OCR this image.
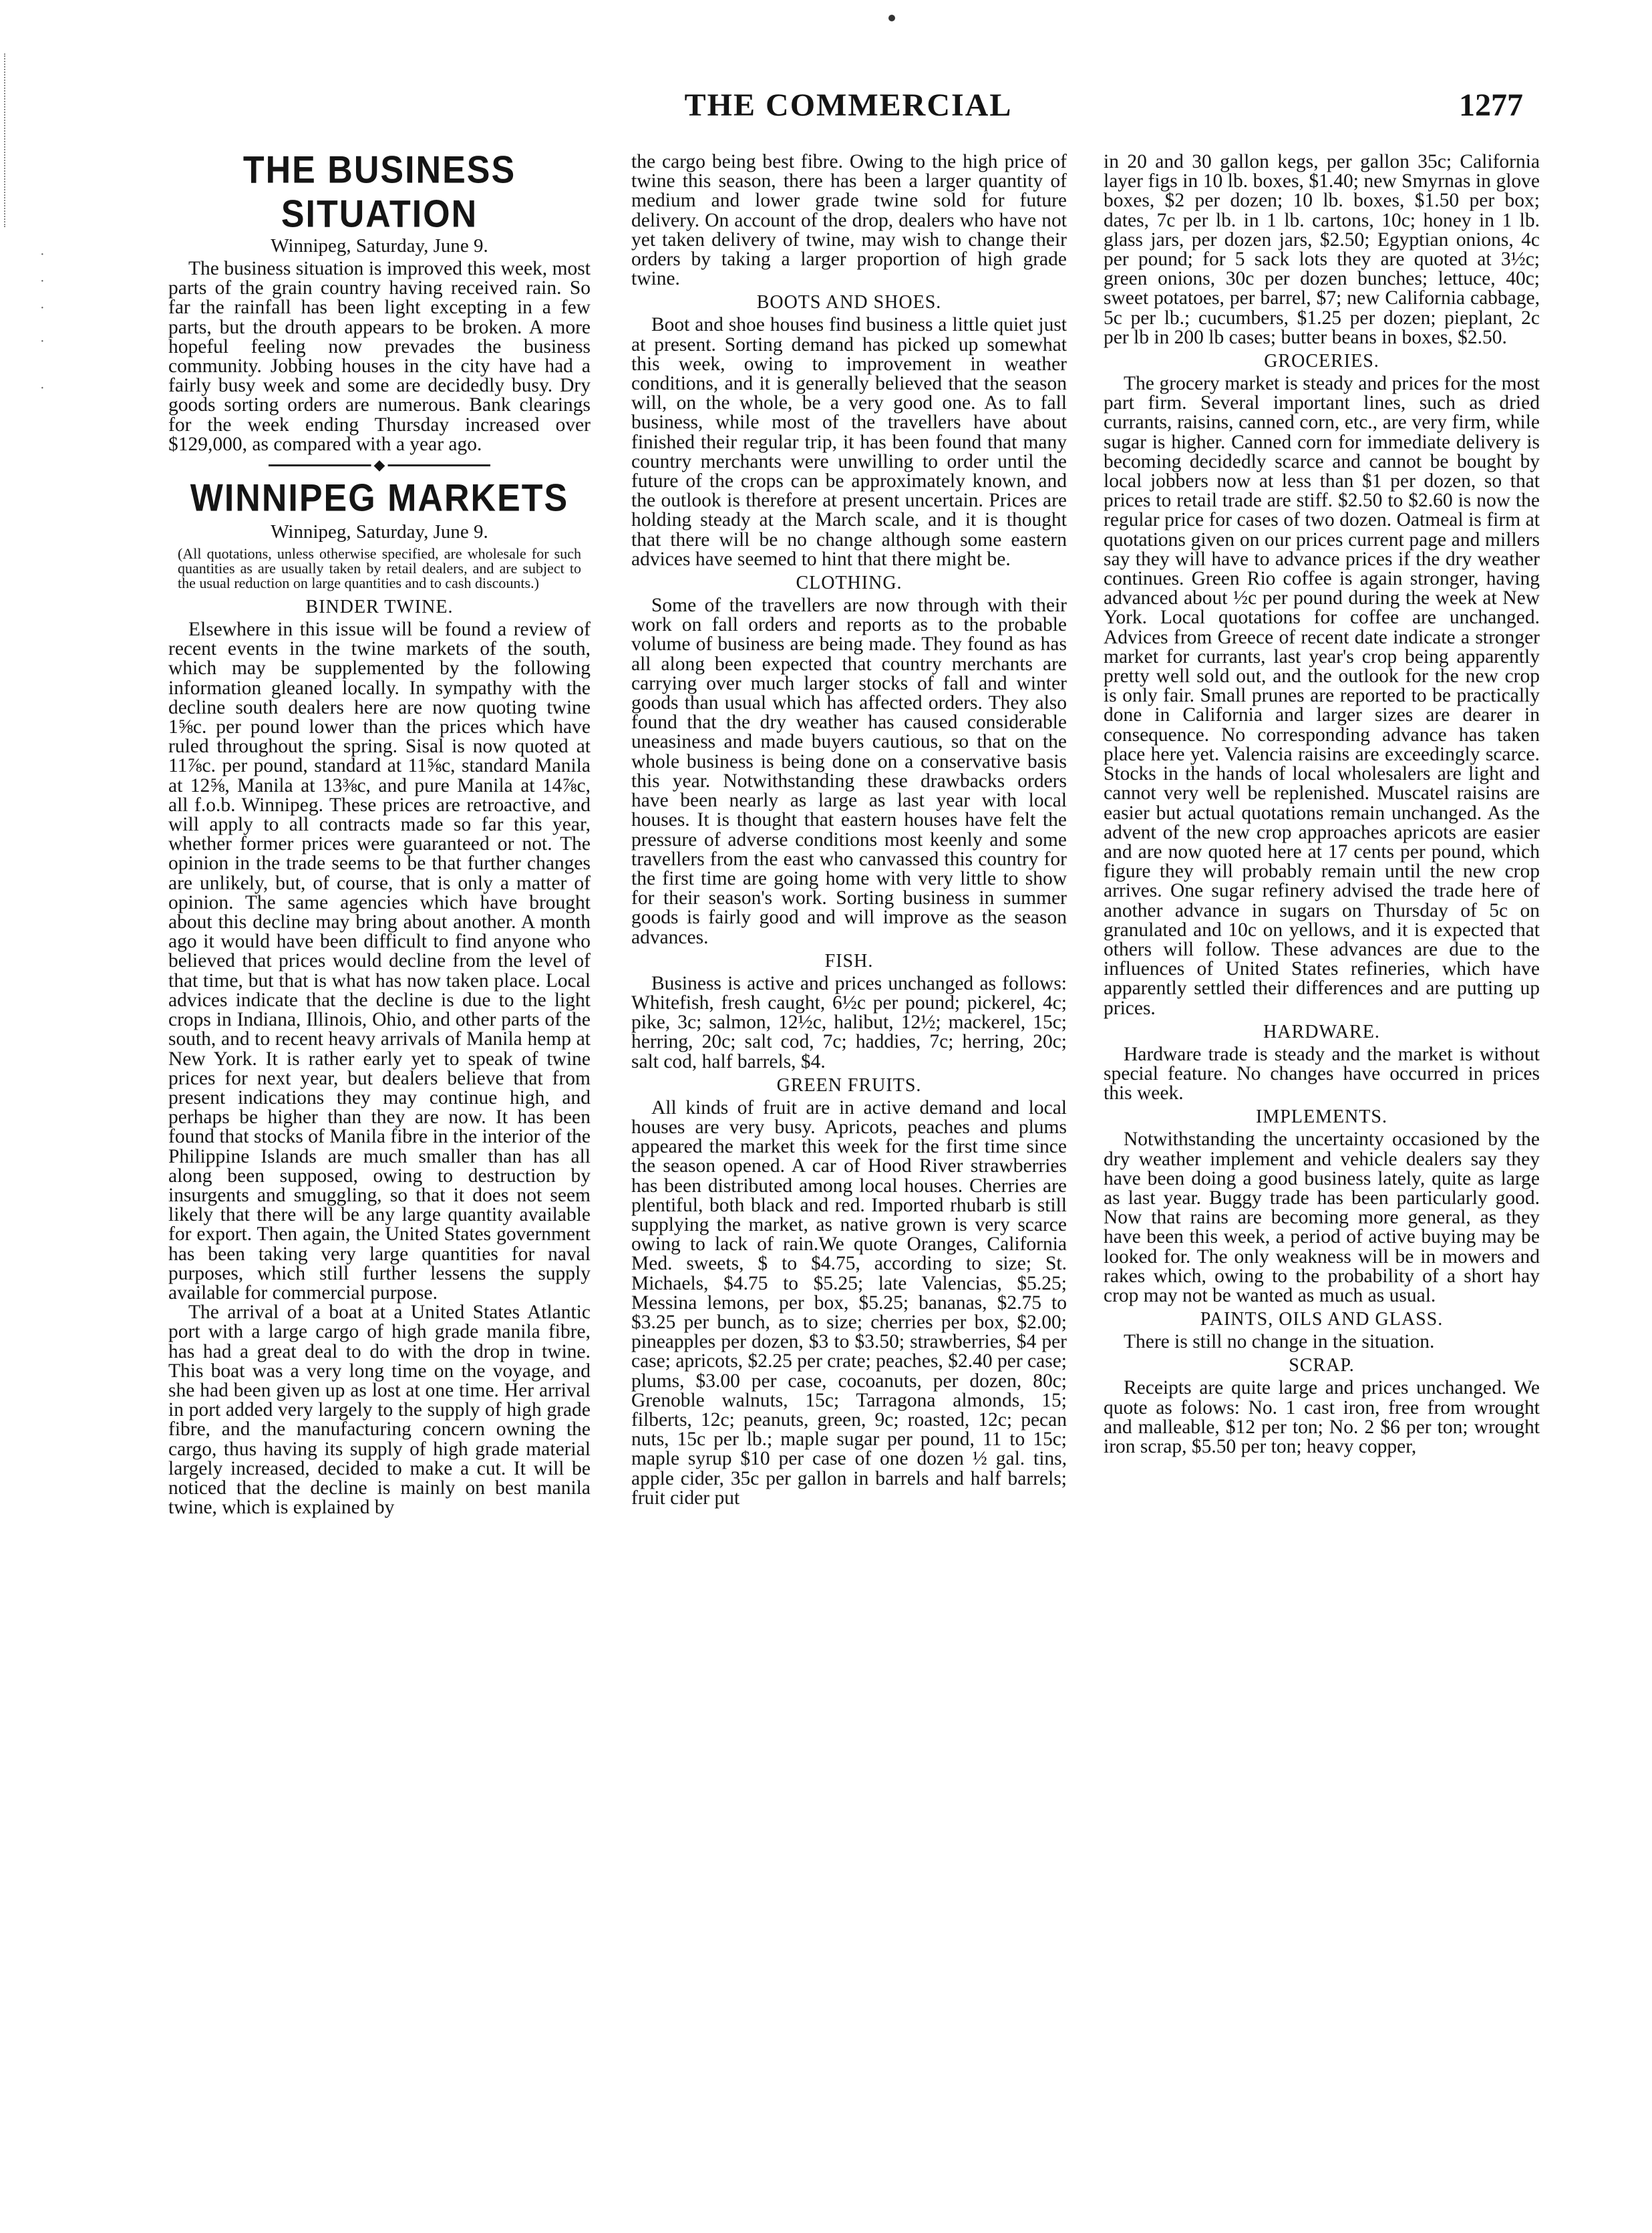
·
·
·
·
·
THE COMMERCIAL	1277
THE BUSINESS SITUATION
Winnipeg, Saturday, June 9.

The business situation is improved this week, most parts of the grain country having received rain. So far the rainfall has been light excepting in a few parts, but the drouth appears to be broken. A more hopeful feeling now prevades the business community. Jobbing houses in the city have had a fairly busy week and some are decidedly busy. Dry goods sorting orders are numerous. Bank clearings for the week ending Thursday increased over $129,000, as compared with a year ago.

◆
WINNIPEG MARKETS
Winnipeg, Saturday, June 9.
(All quotations, unless otherwise specified, are wholesale for such quantities as are usually taken by retail dealers, and are subject to the usual reduction on large quantities and to cash discounts.)
BINDER TWINE.

Elsewhere in this issue will be found a review of recent events in the twine markets of the south, which may be supplemented by the following information gleaned locally. In sympathy with the decline south dealers here are now quoting twine 1⅝c. per pound lower than the prices which have ruled throughout the spring. Sisal is now quoted at 11⅞c. per pound, standard at 11⅝c, standard Manila at 12⅝, Manila at 13⅜c, and pure Manila at 14⅞c, all f.o.b. Winnipeg. These prices are retroactive, and will apply to all contracts made so far this year, whether former prices were guaranteed or not. The opinion in the trade seems to be that further changes are unlikely, but, of course, that is only a matter of opinion. The same agencies which have brought about this decline may bring about another. A month ago it would have been difficult to find anyone who believed that prices would decline from the level of that time, but that is what has now taken place. Local advices indicate that the decline is due to the light crops in Indiana, Illinois, Ohio, and other parts of the south, and to recent heavy arrivals of Manila hemp at New York. It is rather early yet to speak of twine prices for next year, but dealers believe that from present indications they may continue high, and perhaps be higher than they are now. It has been found that stocks of Manila fibre in the interior of the Philippine Islands are much smaller than has all along been supposed, owing to destruction by insurgents and smuggling, so that it does not seem likely that there will be any large quantity available for export. Then again, the United States government has been taking very large quantities for naval purposes, which still further lessens the supply available for commercial purpose.

The arrival of a boat at a United States Atlantic port with a large cargo of high grade manila fibre, has had a great deal to do with the drop in twine. This boat was a very long time on the voyage, and she had been given up as lost at one time. Her arrival in port added very largely to the supply of high grade fibre, and the manufacturing concern owning the cargo, thus having its supply of high grade material largely increased, decided to make a cut. It will be noticed that the decline is mainly on best manila twine, which is explained by

the cargo being best fibre. Owing to the high price of twine this season, there has been a larger quantity of medium and lower grade twine sold for future delivery. On account of the drop, dealers who have not yet taken delivery of twine, may wish to change their orders by taking a larger proportion of high grade twine.

BOOTS AND SHOES.

Boot and shoe houses find business a little quiet just at present. Sorting demand has picked up somewhat this week, owing to improvement in weather conditions, and it is generally believed that the season will, on the whole, be a very good one. As to fall business, while most of the travellers have about finished their regular trip, it has been found that many country merchants were unwilling to order until the future of the crops can be approximately known, and the outlook is therefore at present uncertain. Prices are holding steady at the March scale, and it is thought that there will be no change although some eastern advices have seemed to hint that there might be.

CLOTHING.

Some of the travellers are now through with their work on fall orders and reports as to the probable volume of business are being made. They found as has all along been expected that country merchants are carrying over much larger stocks of fall and winter goods than usual which has affected orders. They also found that the dry weather has caused considerable uneasiness and made buyers cautious, so that on the whole business is being done on a conservative basis this year. Notwithstanding these drawbacks orders have been nearly as large as last year with local houses. It is thought that eastern houses have felt the pressure of adverse conditions most keenly and some travellers from the east who canvassed this country for the first time are going home with very little to show for their season's work. Sorting business in summer goods is fairly good and will improve as the season advances.

FISH.

Business is active and prices unchanged as follows: Whitefish, fresh caught, 6½c per pound; pickerel, 4c; pike, 3c; salmon, 12½c, halibut, 12½; mackerel, 15c; herring, 20c; salt cod, 7c; haddies, 7c; herring, 20c; salt cod, half barrels, $4.

GREEN FRUITS.

All kinds of fruit are in active demand and local houses are very busy. Apricots, peaches and plums appeared the market this week for the first time since the season opened. A car of Hood River strawberries has been distributed among local houses. Cherries are plentiful, both black and red. Imported rhubarb is still supplying the market, as native grown is very scarce owing to lack of rain.We quote Oranges, California Med. sweets, $ to $4.75, according to size; St. Michaels, $4.75 to $5.25; late Valencias, $5.25; Messina lemons, per box, $5.25; bananas, $2.75 to $3.25 per bunch, as to size; cherries per box, $2.00; pineapples per dozen, $3 to $3.50; strawberries, $4 per case; apricots, $2.25 per crate; peaches, $2.40 per case; plums, $3.00 per case, cocoanuts, per dozen, 80c; Grenoble walnuts, 15c; Tarragona almonds, 15; filberts, 12c; peanuts, green, 9c; roasted, 12c; pecan nuts, 15c per lb.; maple sugar per pound, 11 to 15c; maple syrup $10 per case of one dozen ½ gal. tins, apple cider, 35c per gallon in barrels and half barrels; fruit cider put

in 20 and 30 gallon kegs, per gallon 35c; California layer figs in 10 lb. boxes, $1.40; new Smyrnas in glove boxes, $2 per dozen; 10 lb. boxes, $1.50 per box; dates, 7c per lb. in 1 lb. cartons, 10c; honey in 1 lb. glass jars, per dozen jars, $2.50; Egyptian onions, 4c per pound; for 5 sack lots they are quoted at 3½c; green onions, 30c per dozen bunches; lettuce, 40c; sweet potatoes, per barrel, $7; new California cabbage, 5c per lb.; cucumbers, $1.25 per dozen; pieplant, 2c per lb in 200 lb cases; butter beans in boxes, $2.50.

GROCERIES.

The grocery market is steady and prices for the most part firm. Several important lines, such as dried currants, raisins, canned corn, etc., are very firm, while sugar is higher. Canned corn for immediate delivery is becoming decidedly scarce and cannot be bought by local jobbers now at less than $1 per dozen, so that prices to retail trade are stiff. $2.50 to $2.60 is now the regular price for cases of two dozen. Oatmeal is firm at quotations given on our prices current page and millers say they will have to advance prices if the dry weather continues. Green Rio coffee is again stronger, having advanced about ½c per pound during the week at New York. Local quotations for coffee are unchanged. Advices from Greece of recent date indicate a stronger market for currants, last year's crop being apparently pretty well sold out, and the outlook for the new crop is only fair. Small prunes are reported to be practically done in California and larger sizes are dearer in consequence. No corresponding advance has taken place here yet. Valencia raisins are exceedingly scarce. Stocks in the hands of local wholesalers are light and cannot very well be replenished. Muscatel raisins are easier but actual quotations remain unchanged. As the advent of the new crop approaches apricots are easier and are now quoted here at 17 cents per pound, which figure they will probably remain until the new crop arrives. One sugar refinery advised the trade here of another advance in sugars on Thursday of 5c on granulated and 10c on yellows, and it is expected that others will follow. These advances are due to the influences of United States refineries, which have apparently settled their differences and are putting up prices.

HARDWARE.

Hardware trade is steady and the market is without special feature. No changes have occurred in prices this week.

IMPLEMENTS.

Notwithstanding the uncertainty occasioned by the dry weather implement and vehicle dealers say they have been doing a good business lately, quite as large as last year. Buggy trade has been particularly good. Now that rains are becoming more general, as they have been this week, a period of active buying may be looked for. The only weakness will be in mowers and rakes which, owing to the probability of a short hay crop may not be wanted as much as usual.

PAINTS, OILS AND GLASS.

There is still no change in the situation.

SCRAP.

Receipts are quite large and prices unchanged. We quote as folows: No. 1 cast iron, free from wrought and malleable, $12 per ton; No. 2 $6 per ton; wrought iron scrap, $5.50 per ton; heavy copper,
